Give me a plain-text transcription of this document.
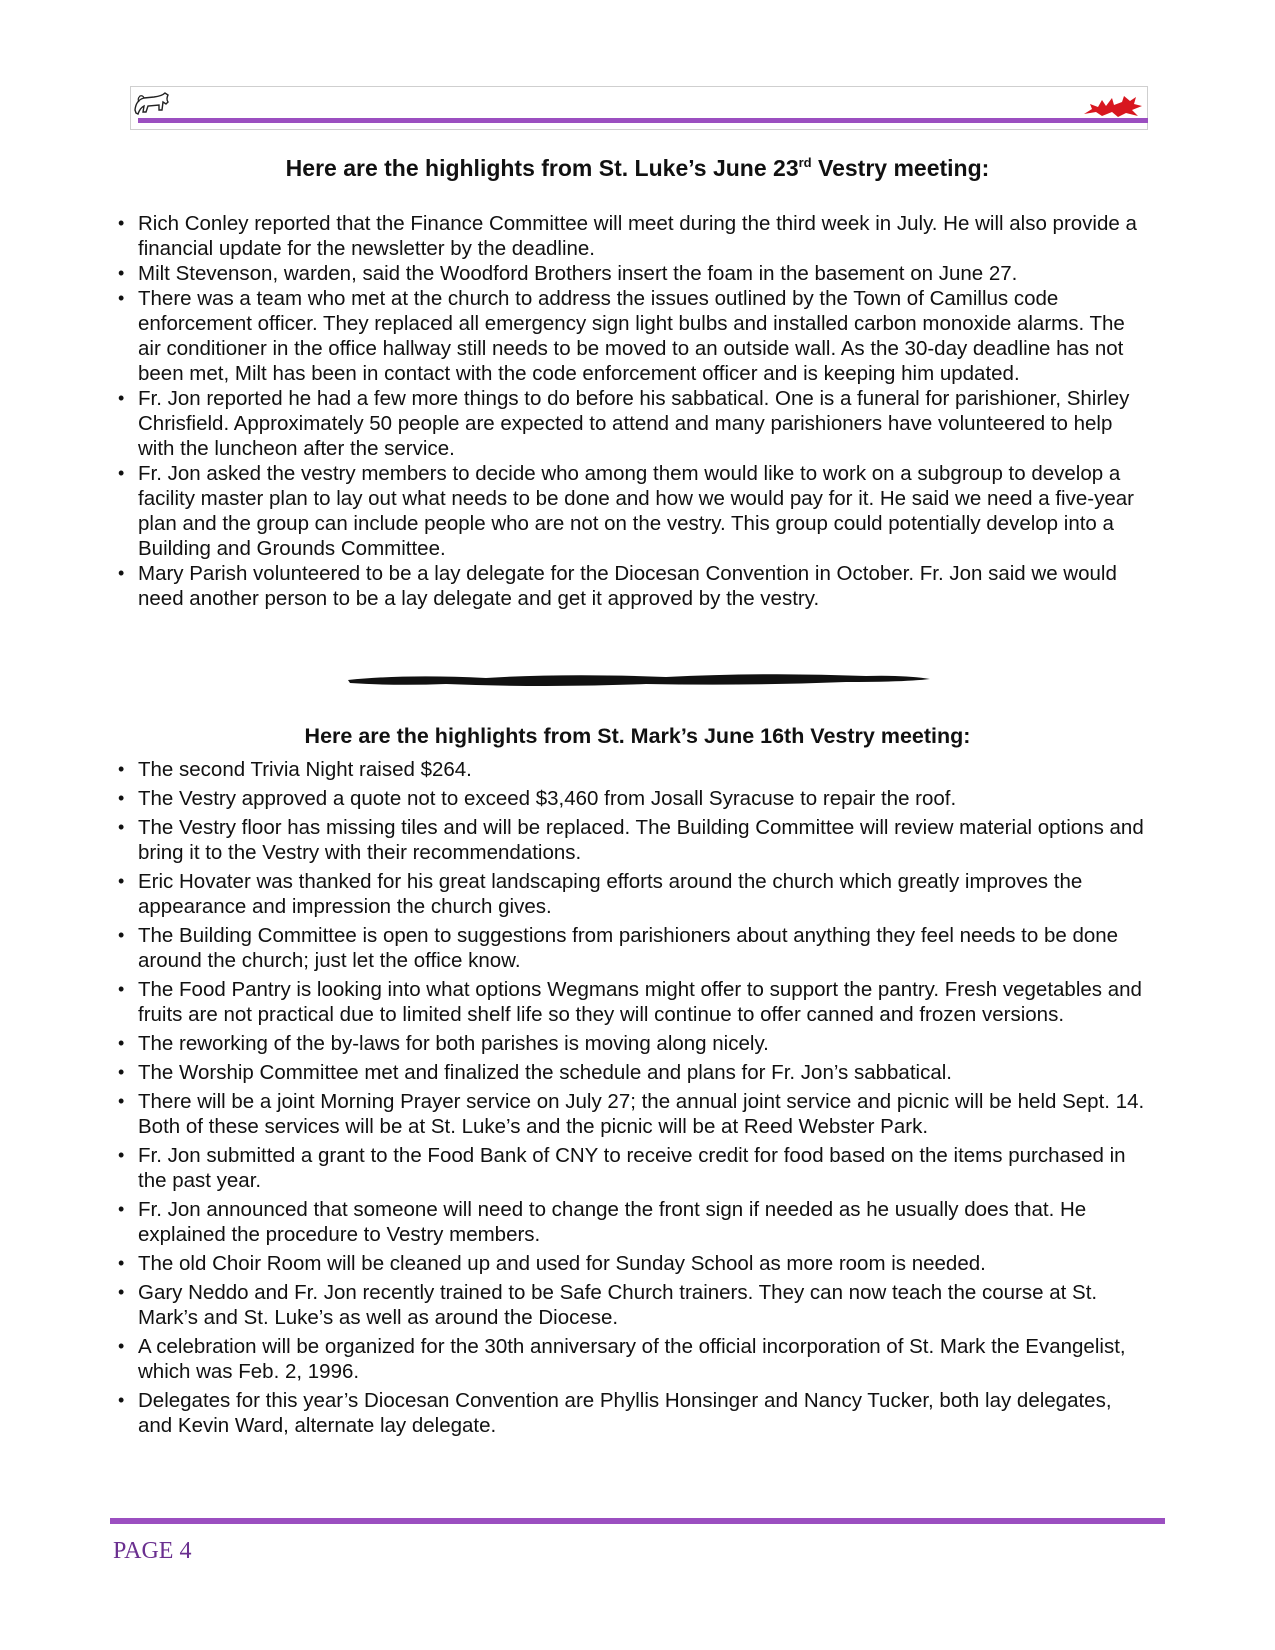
Here are the highlights from St. Luke’s June 23rd Vestry meeting:
• Rich Conley reported that the Finance Committee will meet during the third week in July. He will also provide a financial update for the newsletter by the deadline.
• Milt Stevenson, warden, said the Woodford Brothers insert the foam in the basement on June 27.
• There was a team who met at the church to address the issues outlined by the Town of Camillus code enforcement officer. They replaced all emergency sign light bulbs and installed carbon monoxide alarms. The air conditioner in the office hallway still needs to be moved to an outside wall. As the 30-day deadline has not been met, Milt has been in contact with the code enforcement officer and is keeping him updated.
• Fr. Jon reported he had a few more things to do before his sabbatical. One is a funeral for parishioner, Shirley Chrisfield. Approximately 50 people are expected to attend and many parishioners have volunteered to help with the luncheon after the service.
• Fr. Jon asked the vestry members to decide who among them would like to work on a subgroup to develop a facility master plan to lay out what needs to be done and how we would pay for it. He said we need a five-year plan and the group can include people who are not on the vestry. This group could potentially develop into a Building and Grounds Committee.
• Mary Parish volunteered to be a lay delegate for the Diocesan Convention in October. Fr. Jon said we would need another person to be a lay delegate and get it approved by the vestry.
Here are the highlights from St. Mark’s June 16th Vestry meeting:
• The second Trivia Night raised $264.
• The Vestry approved a quote not to exceed $3,460 from Josall Syracuse to repair the roof.
• The Vestry floor has missing tiles and will be replaced. The Building Committee will review material options and bring it to the Vestry with their recommendations.
• Eric Hovater was thanked for his great landscaping efforts around the church which greatly improves the appearance and impression the church gives.
• The Building Committee is open to suggestions from parishioners about anything they feel needs to be done around the church; just let the office know.
• The Food Pantry is looking into what options Wegmans might offer to support the pantry. Fresh vegetables and fruits are not practical due to limited shelf life so they will continue to offer canned and frozen versions.
• The reworking of the by-laws for both parishes is moving along nicely.
• The Worship Committee met and finalized the schedule and plans for Fr. Jon’s sabbatical.
• There will be a joint Morning Prayer service on July 27; the annual joint service and picnic will be held Sept. 14. Both of these services will be at St. Luke’s and the picnic will be at Reed Webster Park.
• Fr. Jon submitted a grant to the Food Bank of CNY to receive credit for food based on the items purchased in the past year.
• Fr. Jon announced that someone will need to change the front sign if needed as he usually does that. He explained the procedure to Vestry members.
• The old Choir Room will be cleaned up and used for Sunday School as more room is needed.
• Gary Neddo and Fr. Jon recently trained to be Safe Church trainers. They can now teach the course at St. Mark’s and St. Luke’s as well as around the Diocese.
• A celebration will be organized for the 30th anniversary of the official incorporation of St. Mark the Evangelist, which was Feb. 2, 1996.
• Delegates for this year’s Diocesan Convention are Phyllis Honsinger and Nancy Tucker, both lay delegates, and Kevin Ward, alternate lay delegate.
PAGE 4
